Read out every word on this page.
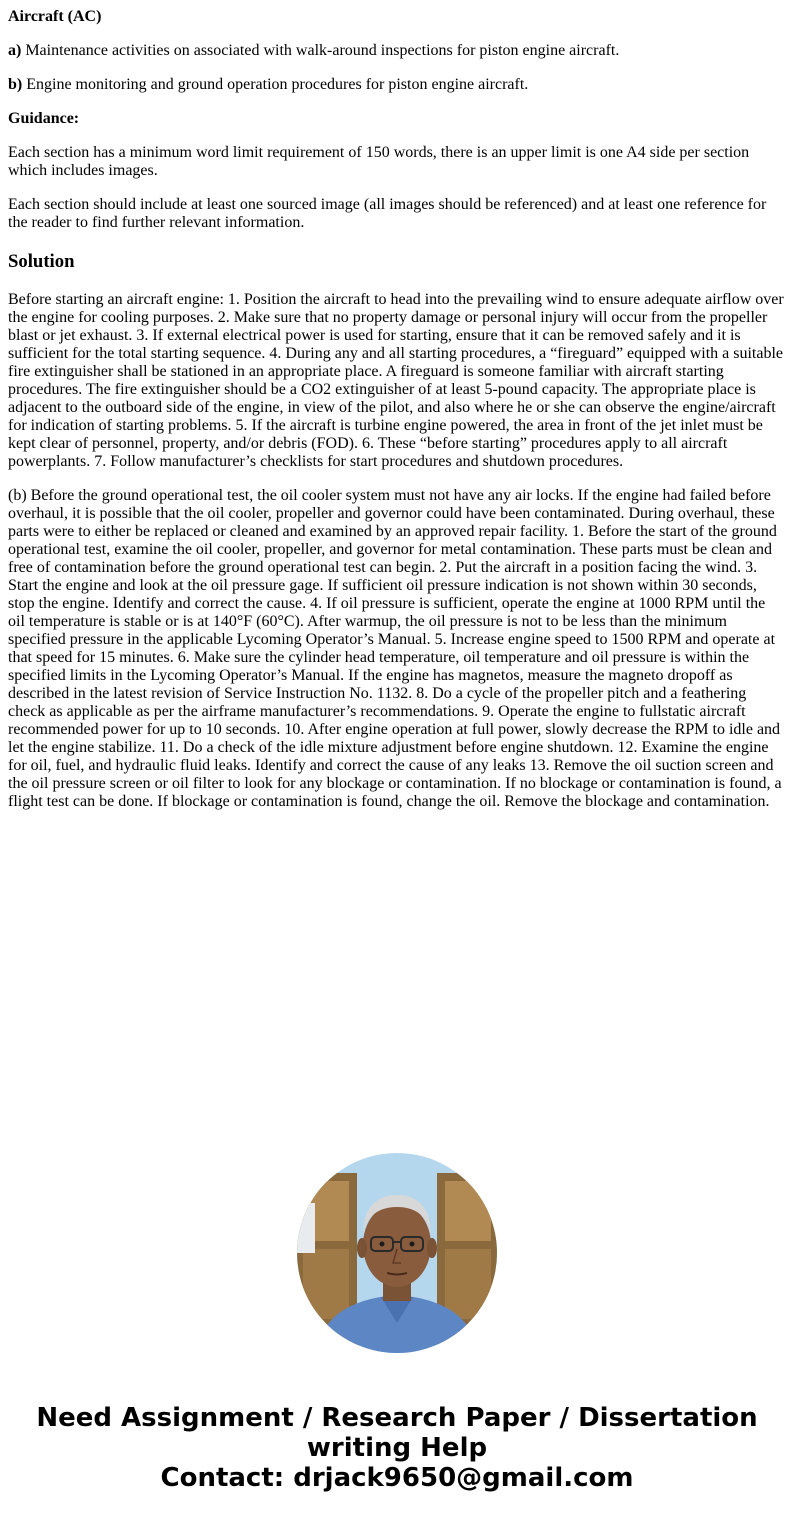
Aircraft (AC)

a) Maintenance activities on associated with walk-around inspections for piston engine aircraft.

b) Engine monitoring and ground operation procedures for piston engine aircraft.

Guidance:

Each section has a minimum word limit requirement of 150 words, there is an upper limit is one A4 side per section which includes images.

Each section should include at least one sourced image (all images should be referenced) and at least one reference for the reader to find further relevant information.

Solution

Before starting an aircraft engine: 1. Position the aircraft to head into the prevailing wind to ensure adequate airflow over the engine for cooling purposes. 2. Make sure that no property damage or personal injury will occur from the propeller blast or jet exhaust. 3. If external electrical power is used for starting, ensure that it can be removed safely and it is sufficient for the total starting sequence. 4. During any and all starting procedures, a “fireguard” equipped with a suitable fire extinguisher shall be stationed in an appropriate place. A fireguard is someone familiar with aircraft starting procedures. The fire extinguisher should be a CO2 extinguisher of at least 5-pound capacity. The appropriate place is adjacent to the outboard side of the engine, in view of the pilot, and also where he or she can observe the engine/aircraft for indication of starting problems. 5. If the aircraft is turbine engine powered, the area in front of the jet inlet must be kept clear of personnel, property, and/or debris (FOD). 6. These “before starting” procedures apply to all aircraft powerplants. 7. Follow manufacturer’s checklists for start procedures and shutdown procedures.

(b) Before the ground operational test, the oil cooler system must not have any air locks. If the engine had failed before overhaul, it is possible that the oil cooler, propeller and governor could have been contaminated. During overhaul, these parts were to either be replaced or cleaned and examined by an approved repair facility. 1. Before the start of the ground operational test, examine the oil cooler, propeller, and governor for metal contamination. These parts must be clean and free of contamination before the ground operational test can begin. 2. Put the aircraft in a position facing the wind. 3. Start the engine and look at the oil pressure gage. If sufficient oil pressure indication is not shown within 30 seconds, stop the engine. Identify and correct the cause. 4. If oil pressure is sufficient, operate the engine at 1000 RPM until the oil temperature is stable or is at 140°F (60°C). After warmup, the oil pressure is not to be less than the minimum specified pressure in the applicable Lycoming Operator’s Manual. 5. Increase engine speed to 1500 RPM and operate at that speed for 15 minutes. 6. Make sure the cylinder head temperature, oil temperature and oil pressure is within the specified limits in the Lycoming Operator’s Manual. If the engine has magnetos, measure the magneto dropoff as described in the latest revision of Service Instruction No. 1132. 8. Do a cycle of the propeller pitch and a feathering check as applicable as per the airframe manufacturer’s recommendations. 9. Operate the engine to fullstatic aircraft recommended power for up to 10 seconds. 10. After engine operation at full power, slowly decrease the RPM to idle and let the engine stabilize. 11. Do a check of the idle mixture adjustment before engine shutdown. 12. Examine the engine for oil, fuel, and hydraulic fluid leaks. Identify and correct the cause of any leaks 13. Remove the oil suction screen and the oil pressure screen or oil filter to look for any blockage or contamination. If no blockage or contamination is found, a flight test can be done. If blockage or contamination is found, change the oil. Remove the blockage and contamination.

Need Assignment / Research Paper / Dissertation
writing Help
Contact: drjack9650@gmail.com
